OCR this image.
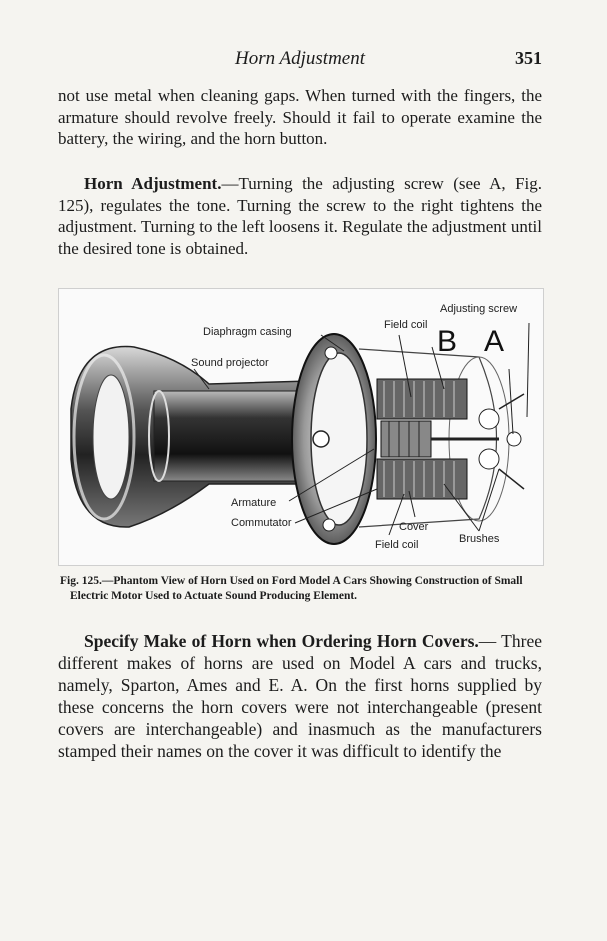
Horn Adjustment	351

not use metal when cleaning gaps. When turned with the fingers, the armature should revolve freely. Should it fail to operate examine the battery, the wiring, and the horn button.

Horn Adjustment.—Turning the adjusting screw (see A, Fig. 125), regulates the tone. Turning the screw to the right tightens the adjustment. Turning to the left loosens it. Regulate the adjustment until the desired tone is obtained.

Adjusting screw
Field coil
Diaphragm casing	B A
Sound projector
Armature
Commutator	Cover
Field coil	Brushes

Fig. 125.—Phantom View of Horn Used on Ford Model A Cars Showing Construction of Small Electric Motor Used to Actuate Sound Producing Element.

Specify Make of Horn when Ordering Horn Covers.— Three different makes of horns are used on Model A cars and trucks, namely, Sparton, Ames and E. A. On the first horns supplied by these concerns the horn covers were not interchangeable (present covers are interchangeable) and inasmuch as the manufacturers stamped their names on the cover it was difficult to identify the
